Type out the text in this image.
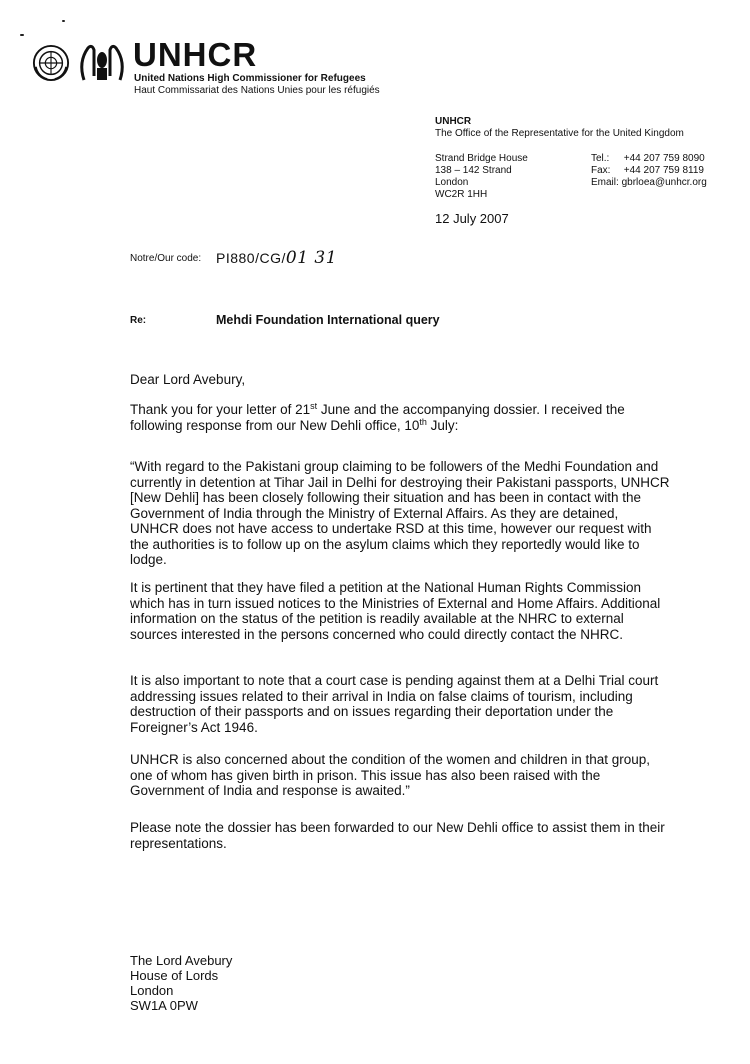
UNHCR
United Nations High Commissioner for Refugees
Haut Commissariat des Nations Unies pour les réfugiés
UNHCR
The Office of the Representative for the United Kingdom
Strand Bridge House
138 – 142 Strand
London
WC2R 1HH
Tel.: +44 207 759 8090
Fax: +44 207 759 8119
Email: gbrloea@unhcr.org
12 July 2007
Notre/Our code: PI880/CG/01 31
Re:	Mehdi Foundation International query
Dear Lord Avebury,

Thank you for your letter of 21st June and the accompanying dossier. I received the following response from our New Dehli office, 10th July:

“With regard to the Pakistani group claiming to be followers of the Medhi Foundation and currently in detention at Tihar Jail in Delhi for destroying their Pakistani passports, UNHCR [New Dehli] has been closely following their situation and has been in contact with the Government of India through the Ministry of External Affairs. As they are detained, UNHCR does not have access to undertake RSD at this time, however our request with the authorities is to follow up on the asylum claims which they reportedly would like to lodge.
It is pertinent that they have filed a petition at the National Human Rights Commission which has in turn issued notices to the Ministries of External and Home Affairs. Additional information on the status of the petition is readily available at the NHRC to external sources interested in the persons concerned who could directly contact the NHRC.
It is also important to note that a court case is pending against them at a Delhi Trial court addressing issues related to their arrival in India on false claims of tourism, including destruction of their passports and on issues regarding their deportation under the Foreigner’s Act 1946.
UNHCR is also concerned about the condition of the women and children in that group, one of whom has given birth in prison. This issue has also been raised with the Government of India and response is awaited.”
Please note the dossier has been forwarded to our New Dehli office to assist them in their representations.
The Lord Avebury
House of Lords
London
SW1A 0PW
